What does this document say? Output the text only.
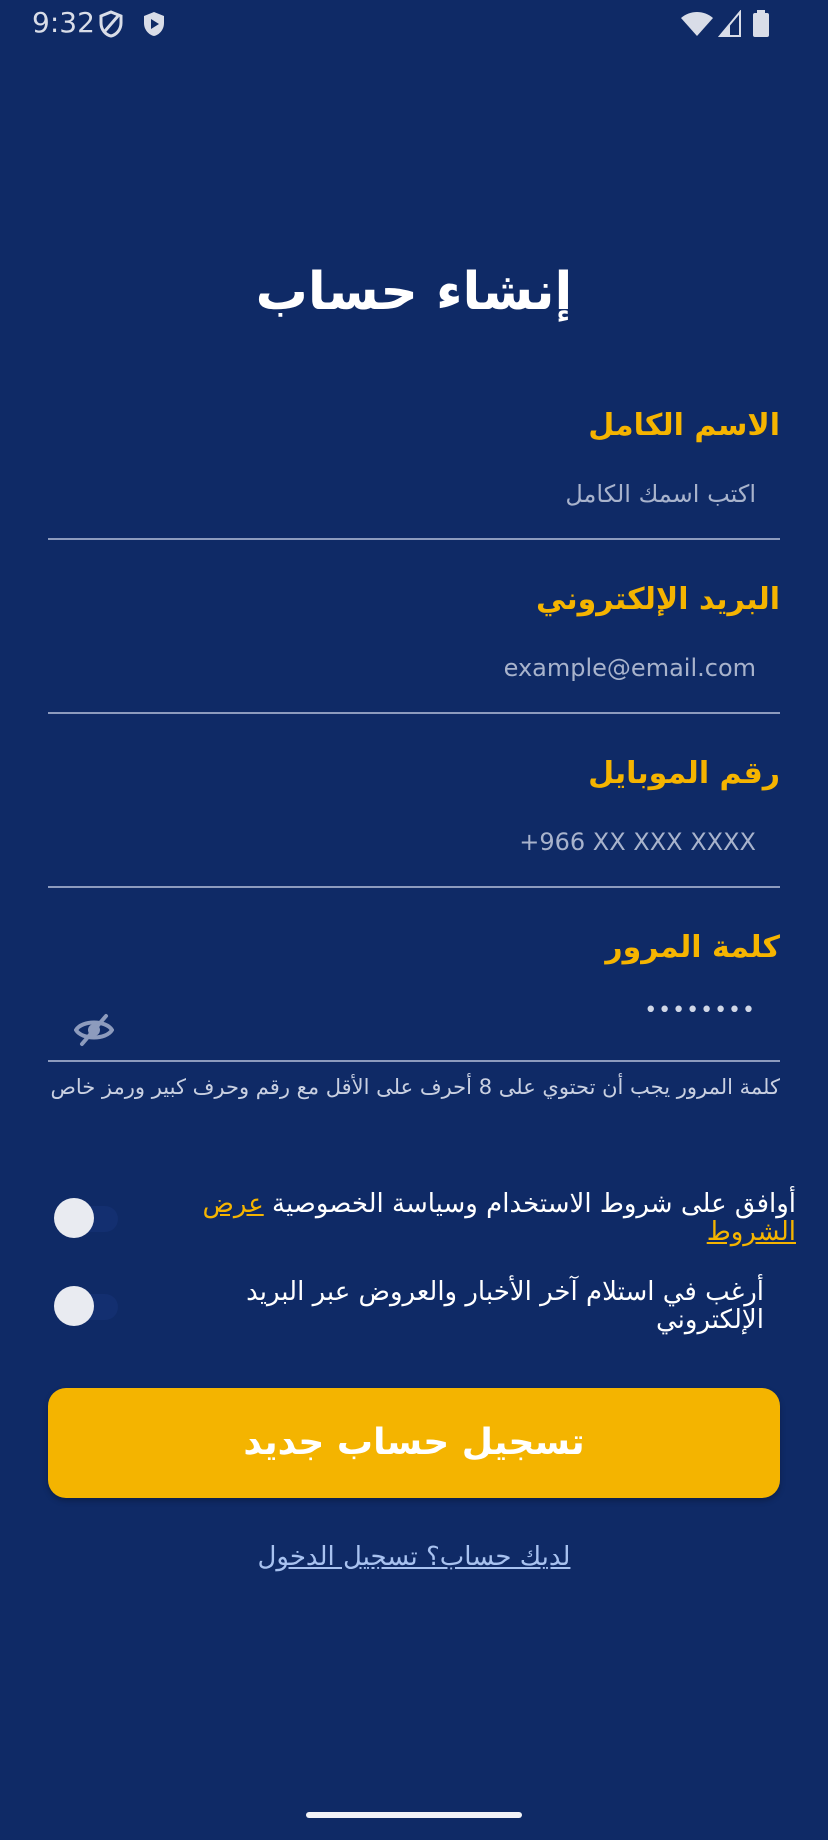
9:32
إنشاء حساب
الاسم الكامل
اكتب اسمك الكامل
البريد الإلكتروني
example@email.com
رقم الموبايل
+966 XX XXX XXXX
كلمة المرور
••••••••
كلمة المرور يجب أن تحتوي على 8 أحرف على الأقل مع رقم وحرف كبير ورمز خاص
أوافق على شروط الاستخدام وسياسة الخصوصية عرض الشروط
أرغب في استلام آخر الأخبار والعروض عبر البريد الإلكتروني
تسجيل حساب جديد
لديك حساب؟ تسجيل الدخول
